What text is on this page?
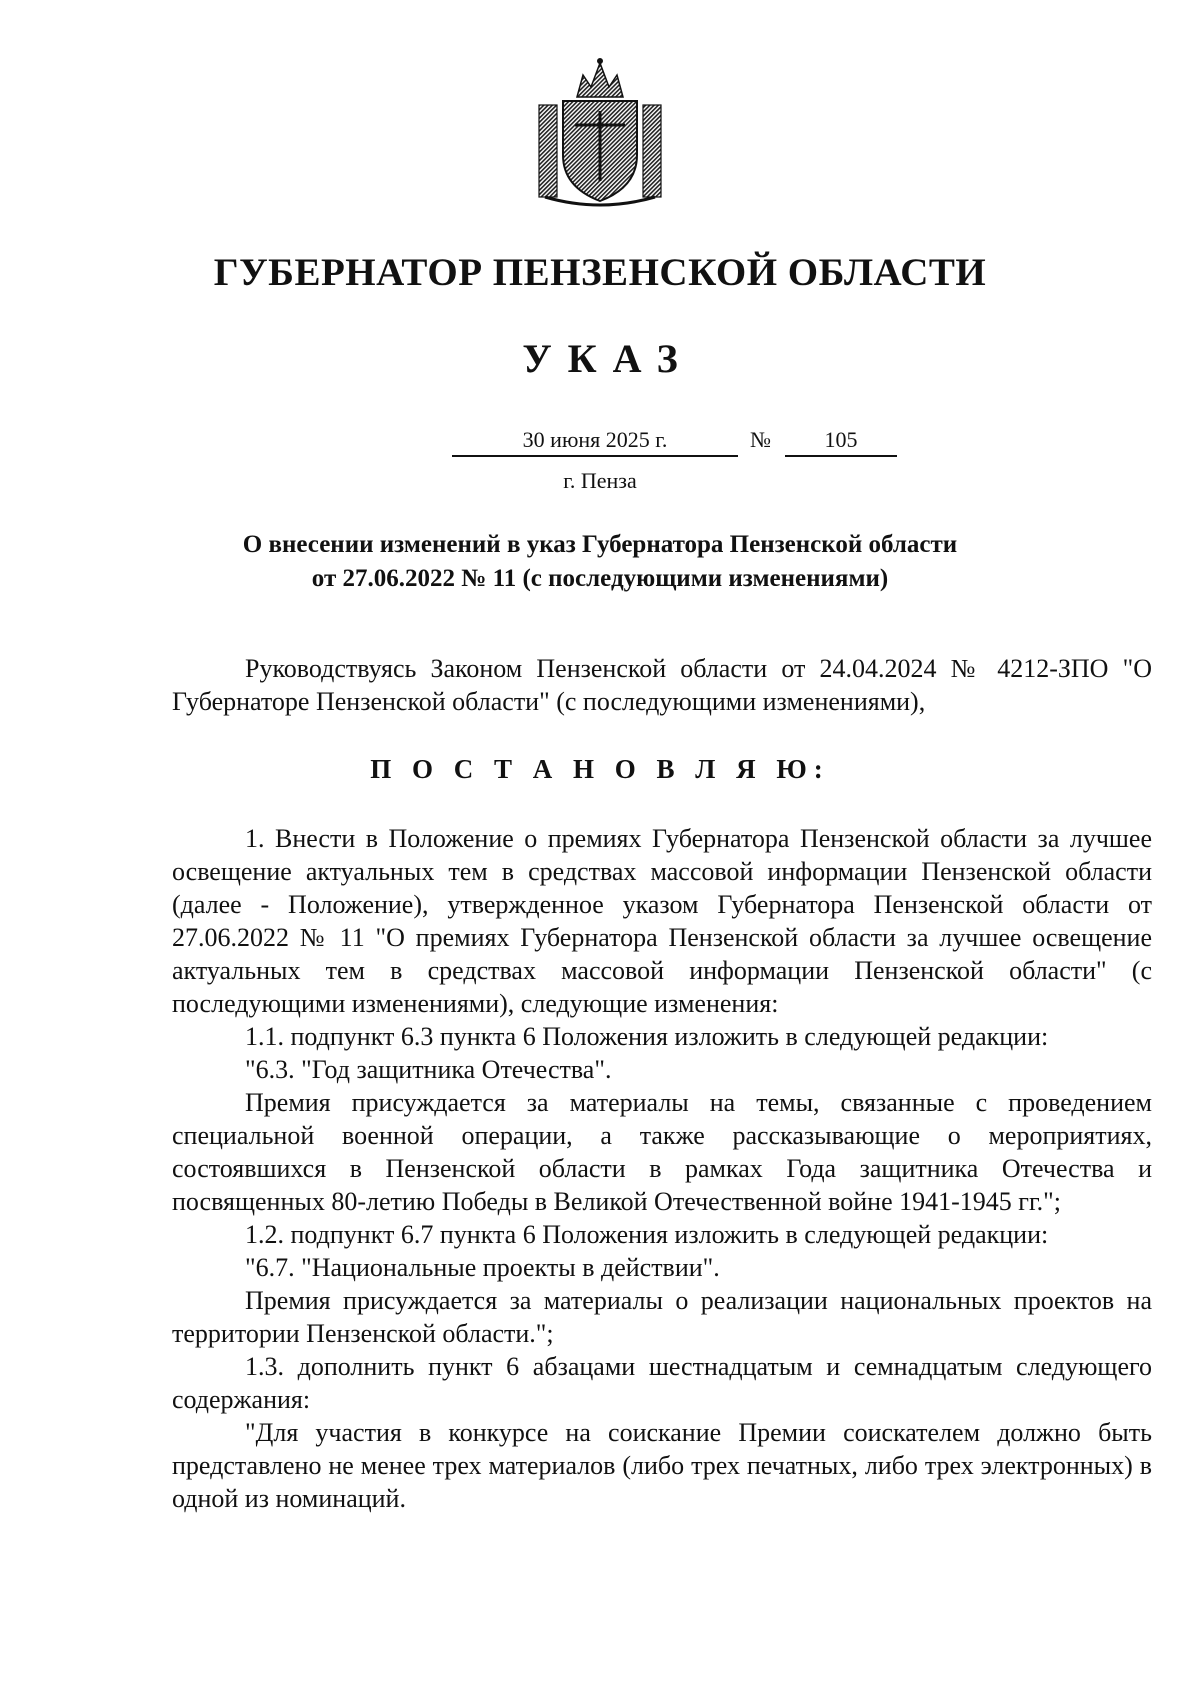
ГУБЕРНАТОР ПЕНЗЕНСКОЙ ОБЛАСТИ
УКАЗ
30 июня 2025 г.	№	105
г. Пенза
О внесении изменений в указ Губернатора Пензенской области
от 27.06.2022 № 11 (с последующими изменениями)

Руководствуясь Законом Пензенской области от 24.04.2024 № 4212-ЗПО "О Губернаторе Пензенской области" (с последующими изменениями),

П О С Т А Н О В Л Я Ю:

1. Внести в Положение о премиях Губернатора Пензенской области за лучшее освещение актуальных тем в средствах массовой информации Пензенской области (далее - Положение), утвержденное указом Губернатора Пензенской области от 27.06.2022 № 11 "О премиях Губернатора Пензенской области за лучшее освещение актуальных тем в средствах массовой информации Пензенской области" (с последующими изменениями), следующие изменения:

1.1. подпункт 6.3 пункта 6 Положения изложить в следующей редакции:

"6.3. "Год защитника Отечества".

Премия присуждается за материалы на темы, связанные с проведением специальной военной операции, а также рассказывающие о мероприятиях, состоявшихся в Пензенской области в рамках Года защитника Отечества и посвященных 80-летию Победы в Великой Отечественной войне 1941-1945 гг.";

1.2. подпункт 6.7 пункта 6 Положения изложить в следующей редакции:

"6.7. "Национальные проекты в действии".

Премия присуждается за материалы о реализации национальных проектов на территории Пензенской области.";

1.3. дополнить пункт 6 абзацами шестнадцатым и семнадцатым следующего содержания:

"Для участия в конкурсе на соискание Премии соискателем должно быть представлено не менее трех материалов (либо трех печатных, либо трех электронных) в одной из номинаций.
